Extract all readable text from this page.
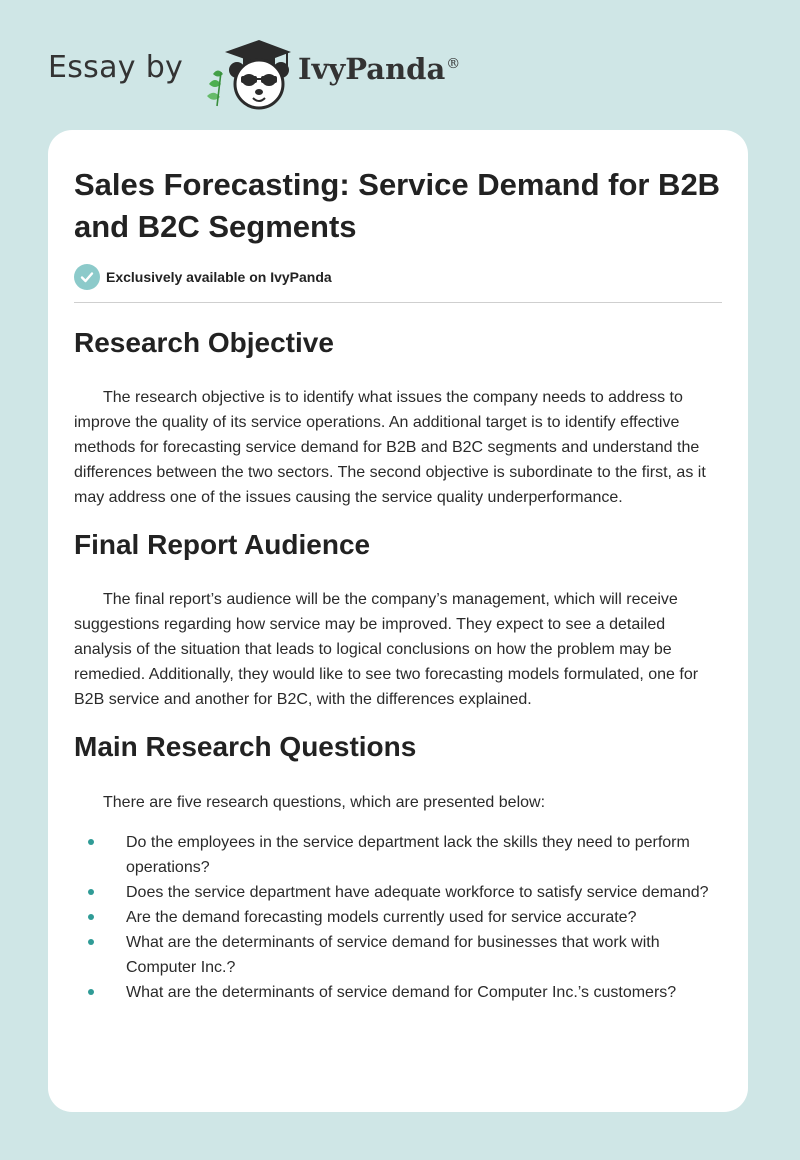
Essay by	IvyPanda®
Sales Forecasting: Service Demand for B2B and B2C Segments
Exclusively available on IvyPanda
Research Objective

The research objective is to identify what issues the company needs to address to improve the quality of its service operations. An additional target is to identify effective methods for forecasting service demand for B2B and B2C segments and understand the differences between the two sectors. The second objective is subordinate to the first, as it may address one of the issues causing the service quality underperformance.

Final Report Audience

The final report’s audience will be the company’s management, which will receive suggestions regarding how service may be improved. They expect to see a detailed analysis of the situation that leads to logical conclusions on how the problem may be remedied. Additionally, they would like to see two forecasting models formulated, one for B2B service and another for B2C, with the differences explained.

Main Research Questions

There are five research questions, which are presented below:

Do the employees in the service department lack the skills they need to perform operations?
Does the service department have adequate workforce to satisfy service demand?
Are the demand forecasting models currently used for service accurate?
What are the determinants of service demand for businesses that work with Computer Inc.?
What are the determinants of service demand for Computer Inc.’s customers?
